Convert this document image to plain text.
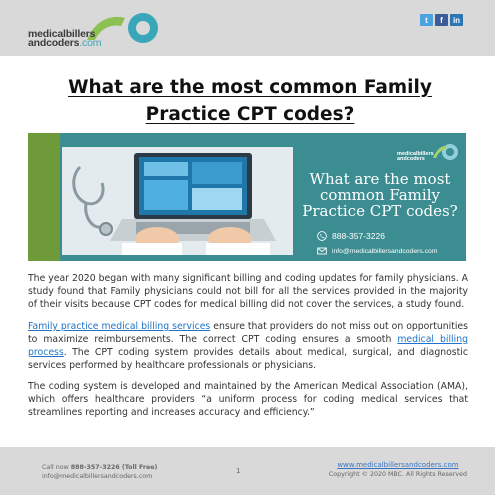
medicalbillers
andcoders.com
t	f	in
What are the most common Family Practice CPT codes?
medicalbillers
andcoders
What are the most common Family Practice CPT codes?
888-357-3226
info@medicalbillersandcoders.com

The year 2020 began with many significant billing and coding updates for family physicians. A study found that Family physicians could not bill for all the services provided in the majority of their visits because CPT codes for medical billing did not cover the services, a study found.

Family practice medical billing services ensure that providers do not miss out on opportunities to maximize reimbursements. The correct CPT coding ensures a smooth medical billing process. The CPT coding system provides details about medical, surgical, and diagnostic services performed by healthcare professionals or physicians.

The coding system is developed and maintained by the American Medical Association (AMA), which offers healthcare providers “a uniform process for coding medical services that streamlines reporting and increases accuracy and efficiency.”

Call now 888-357-3226 (Toll Free)
info@medicalbillersandcoders.com
1
www.medicalbillersandcoders.com
Copyright © 2020 MBC. All Rights Reserved
